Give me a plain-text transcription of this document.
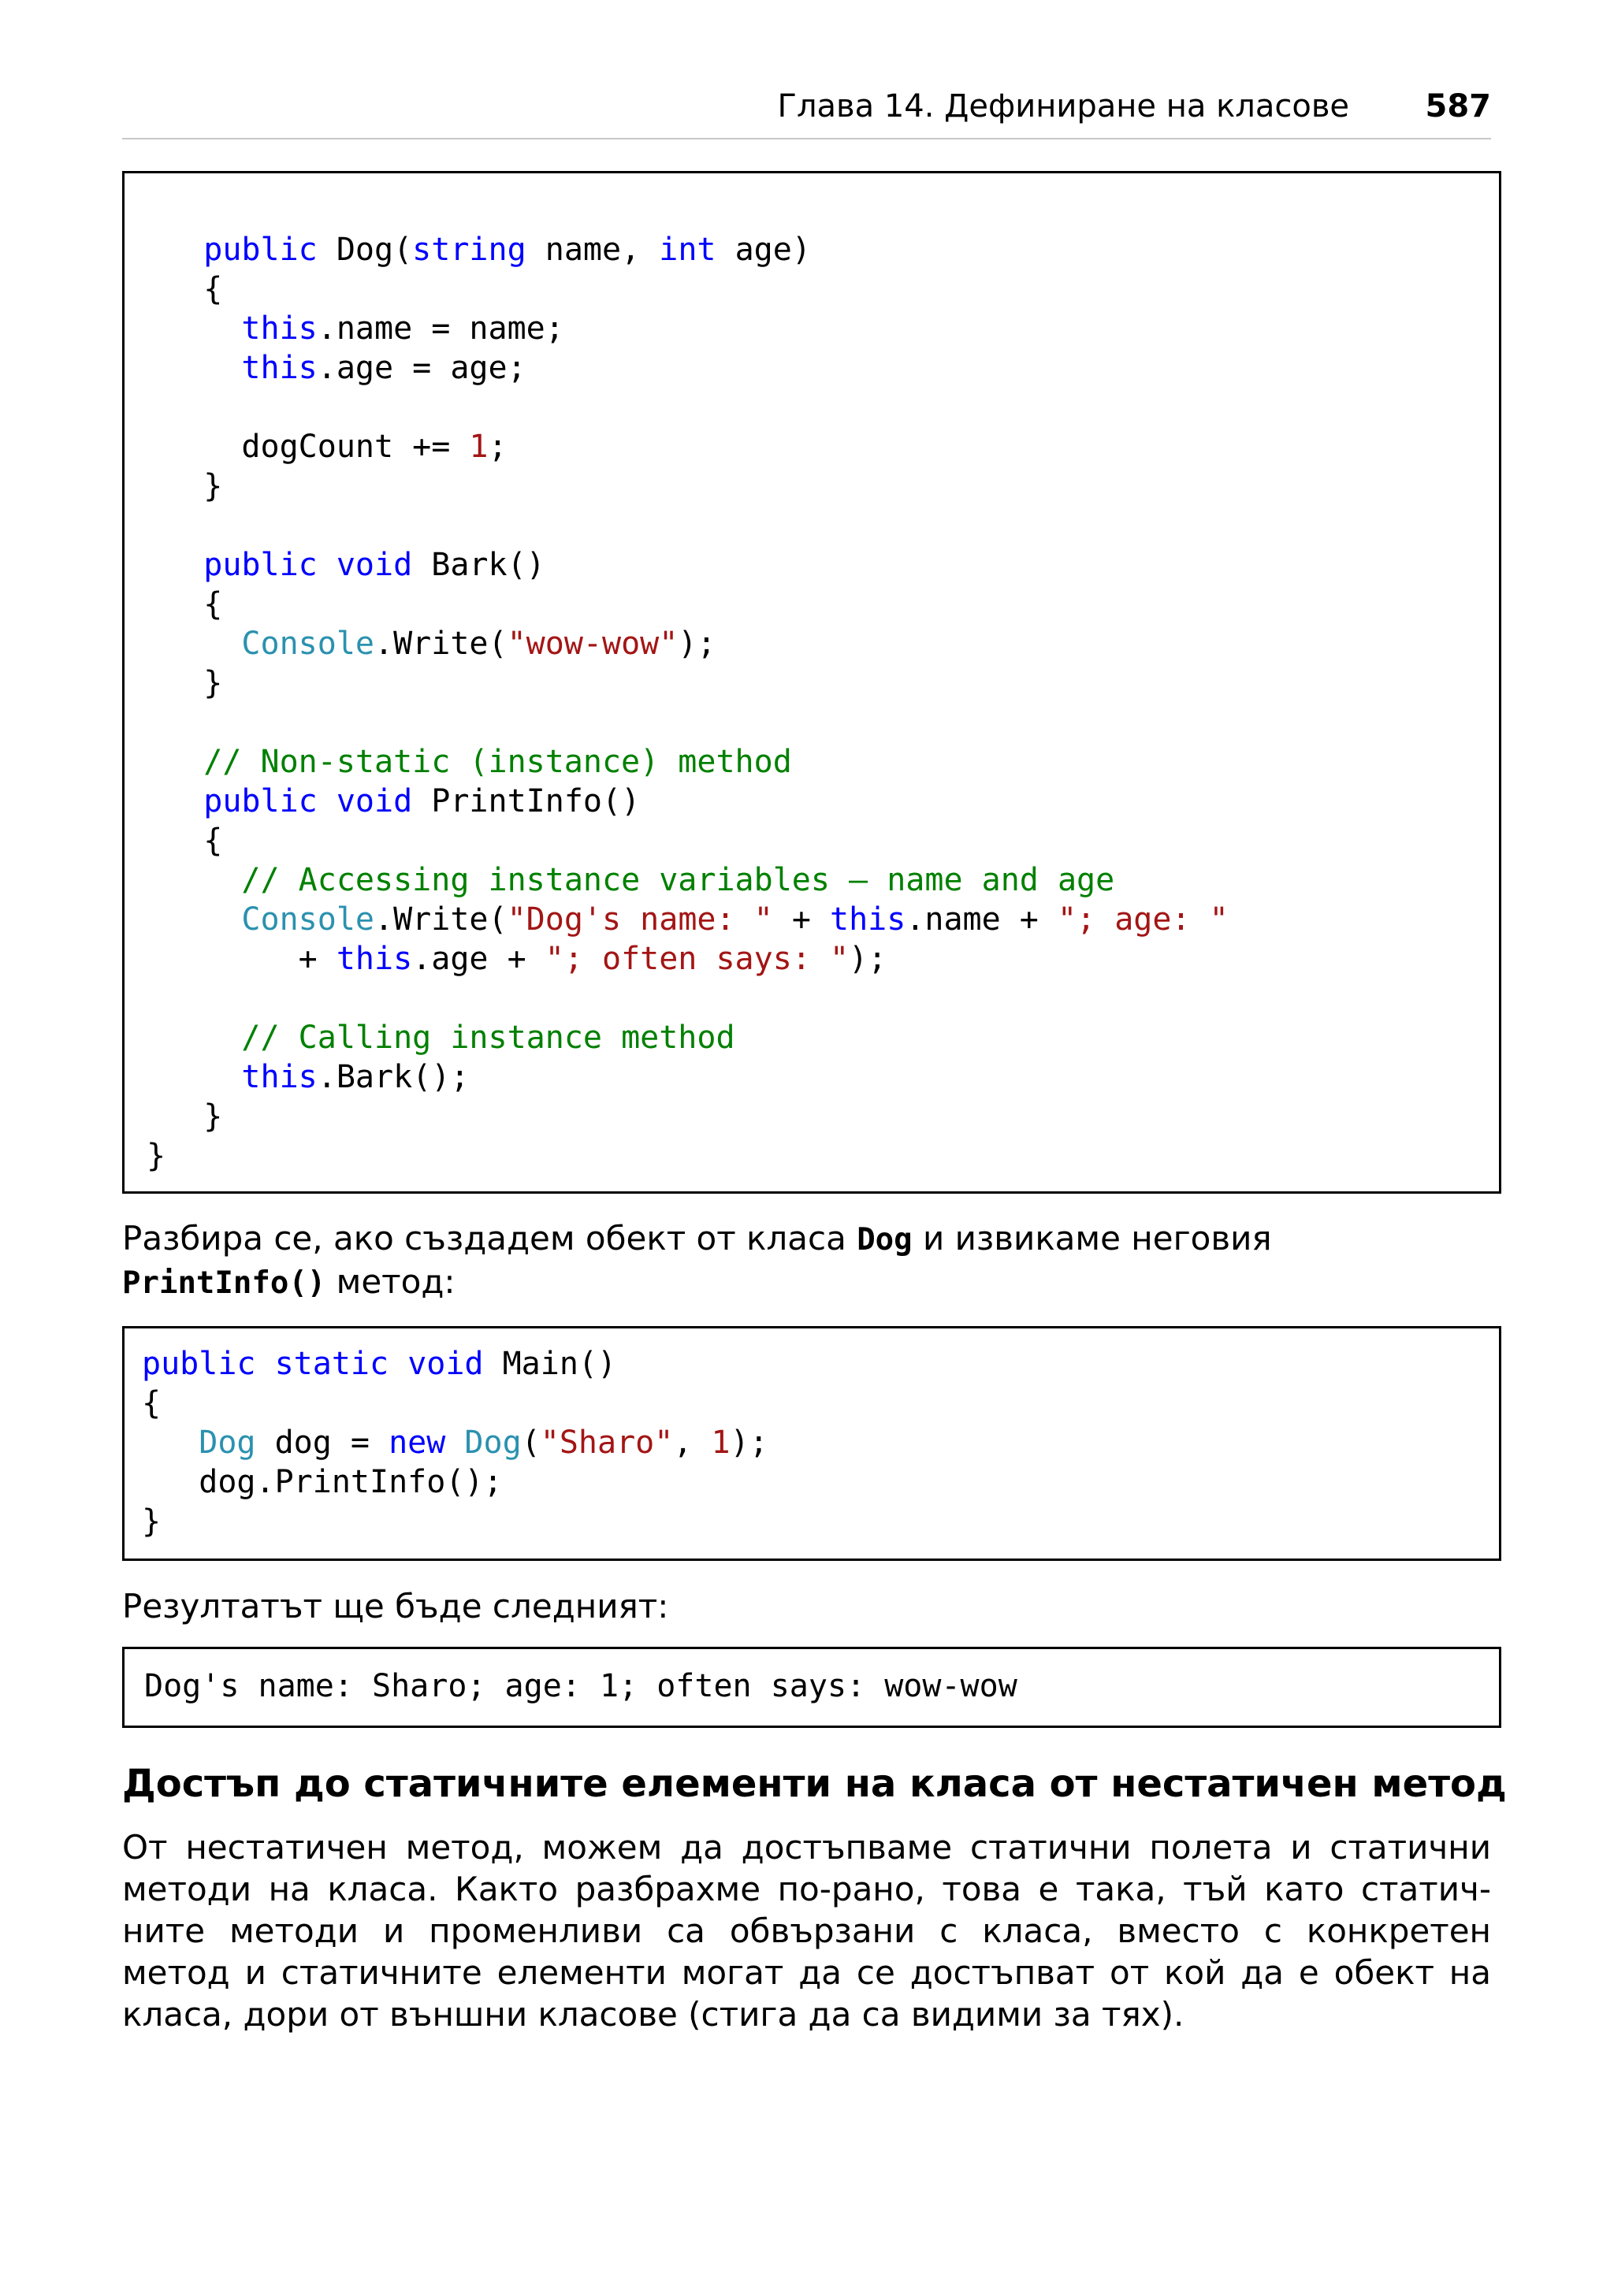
Глава 14. Дефиниране на класове 587
public Dog(string name, int age)
{
this.name = name;
this.age = age;

dogCount += 1;
}

public void Bark()
{
Console.Write("wow-wow");
}

// Non-static (instance) method
public void PrintInfo()
{
// Accessing instance variables – name and age
Console.Write("Dog's name: " + this.name + "; age: "
+ this.age + "; often says: ");

// Calling instance method
this.Bark();
}
}

Разбира се, ако създадем обект от класа Dog и извикаме неговия
PrintInfo() метод:

public static void Main()
{
Dog dog = new Dog("Sharo", 1);
dog.PrintInfo();
}

Резултатът ще бъде следният:

Dog's name: Sharo; age: 1; often says: wow-wow
Достъп до статичните елементи на класа от нестатичен метод
От нестатичен метод, можем да достъпваме статични полета и статични
методи на класа. Както разбрахме по-рано, това е така, тъй като статич-
ните методи и променливи са обвързани с класа, вместо с конкретен
метод и статичните елементи могат да се достъпват от кой да е обект на
класа, дори от външни класове (стига да са видими за тях).
